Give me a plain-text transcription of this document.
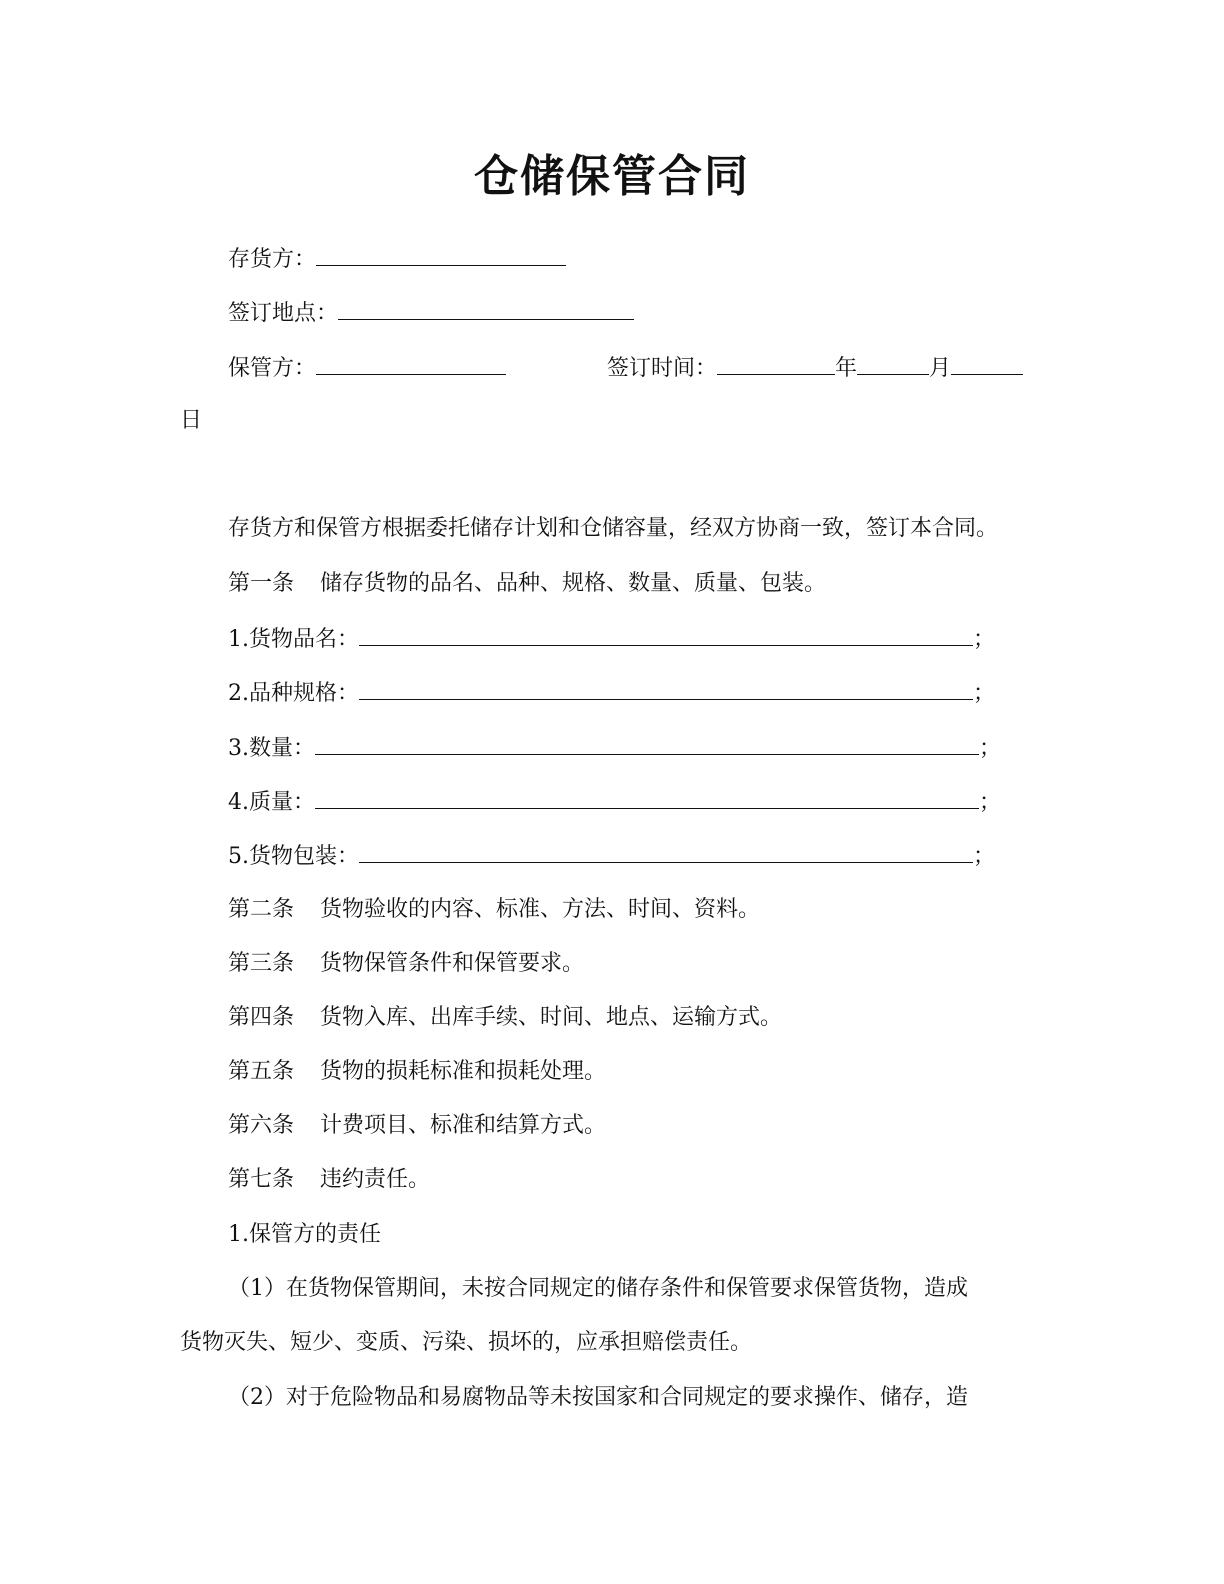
仓储保管合同
存货方：
签订地点：
保管方：	签订时间：	年	月
日
存货方和保管方根据委托储存计划和仓储容量，经双方协商一致，签订本合同。
第一条 储存货物的品名、品种、规格、数量、质量、包装。
1.货物品名：	；
2.品种规格：	；
3.数量：	；
4.质量：	；
5.货物包装：	；
第二条 货物验收的内容、标准、方法、时间、资料。
第三条 货物保管条件和保管要求。
第四条 货物入库、出库手续、时间、地点、运输方式。
第五条 货物的损耗标准和损耗处理。
第六条 计费项目、标准和结算方式。
第七条 违约责任。
1.保管方的责任
（1）在货物保管期间，未按合同规定的储存条件和保管要求保管货物，造成
货物灭失、短少、变质、污染、损坏的，应承担赔偿责任。
（2）对于危险物品和易腐物品等未按国家和合同规定的要求操作、储存，造
